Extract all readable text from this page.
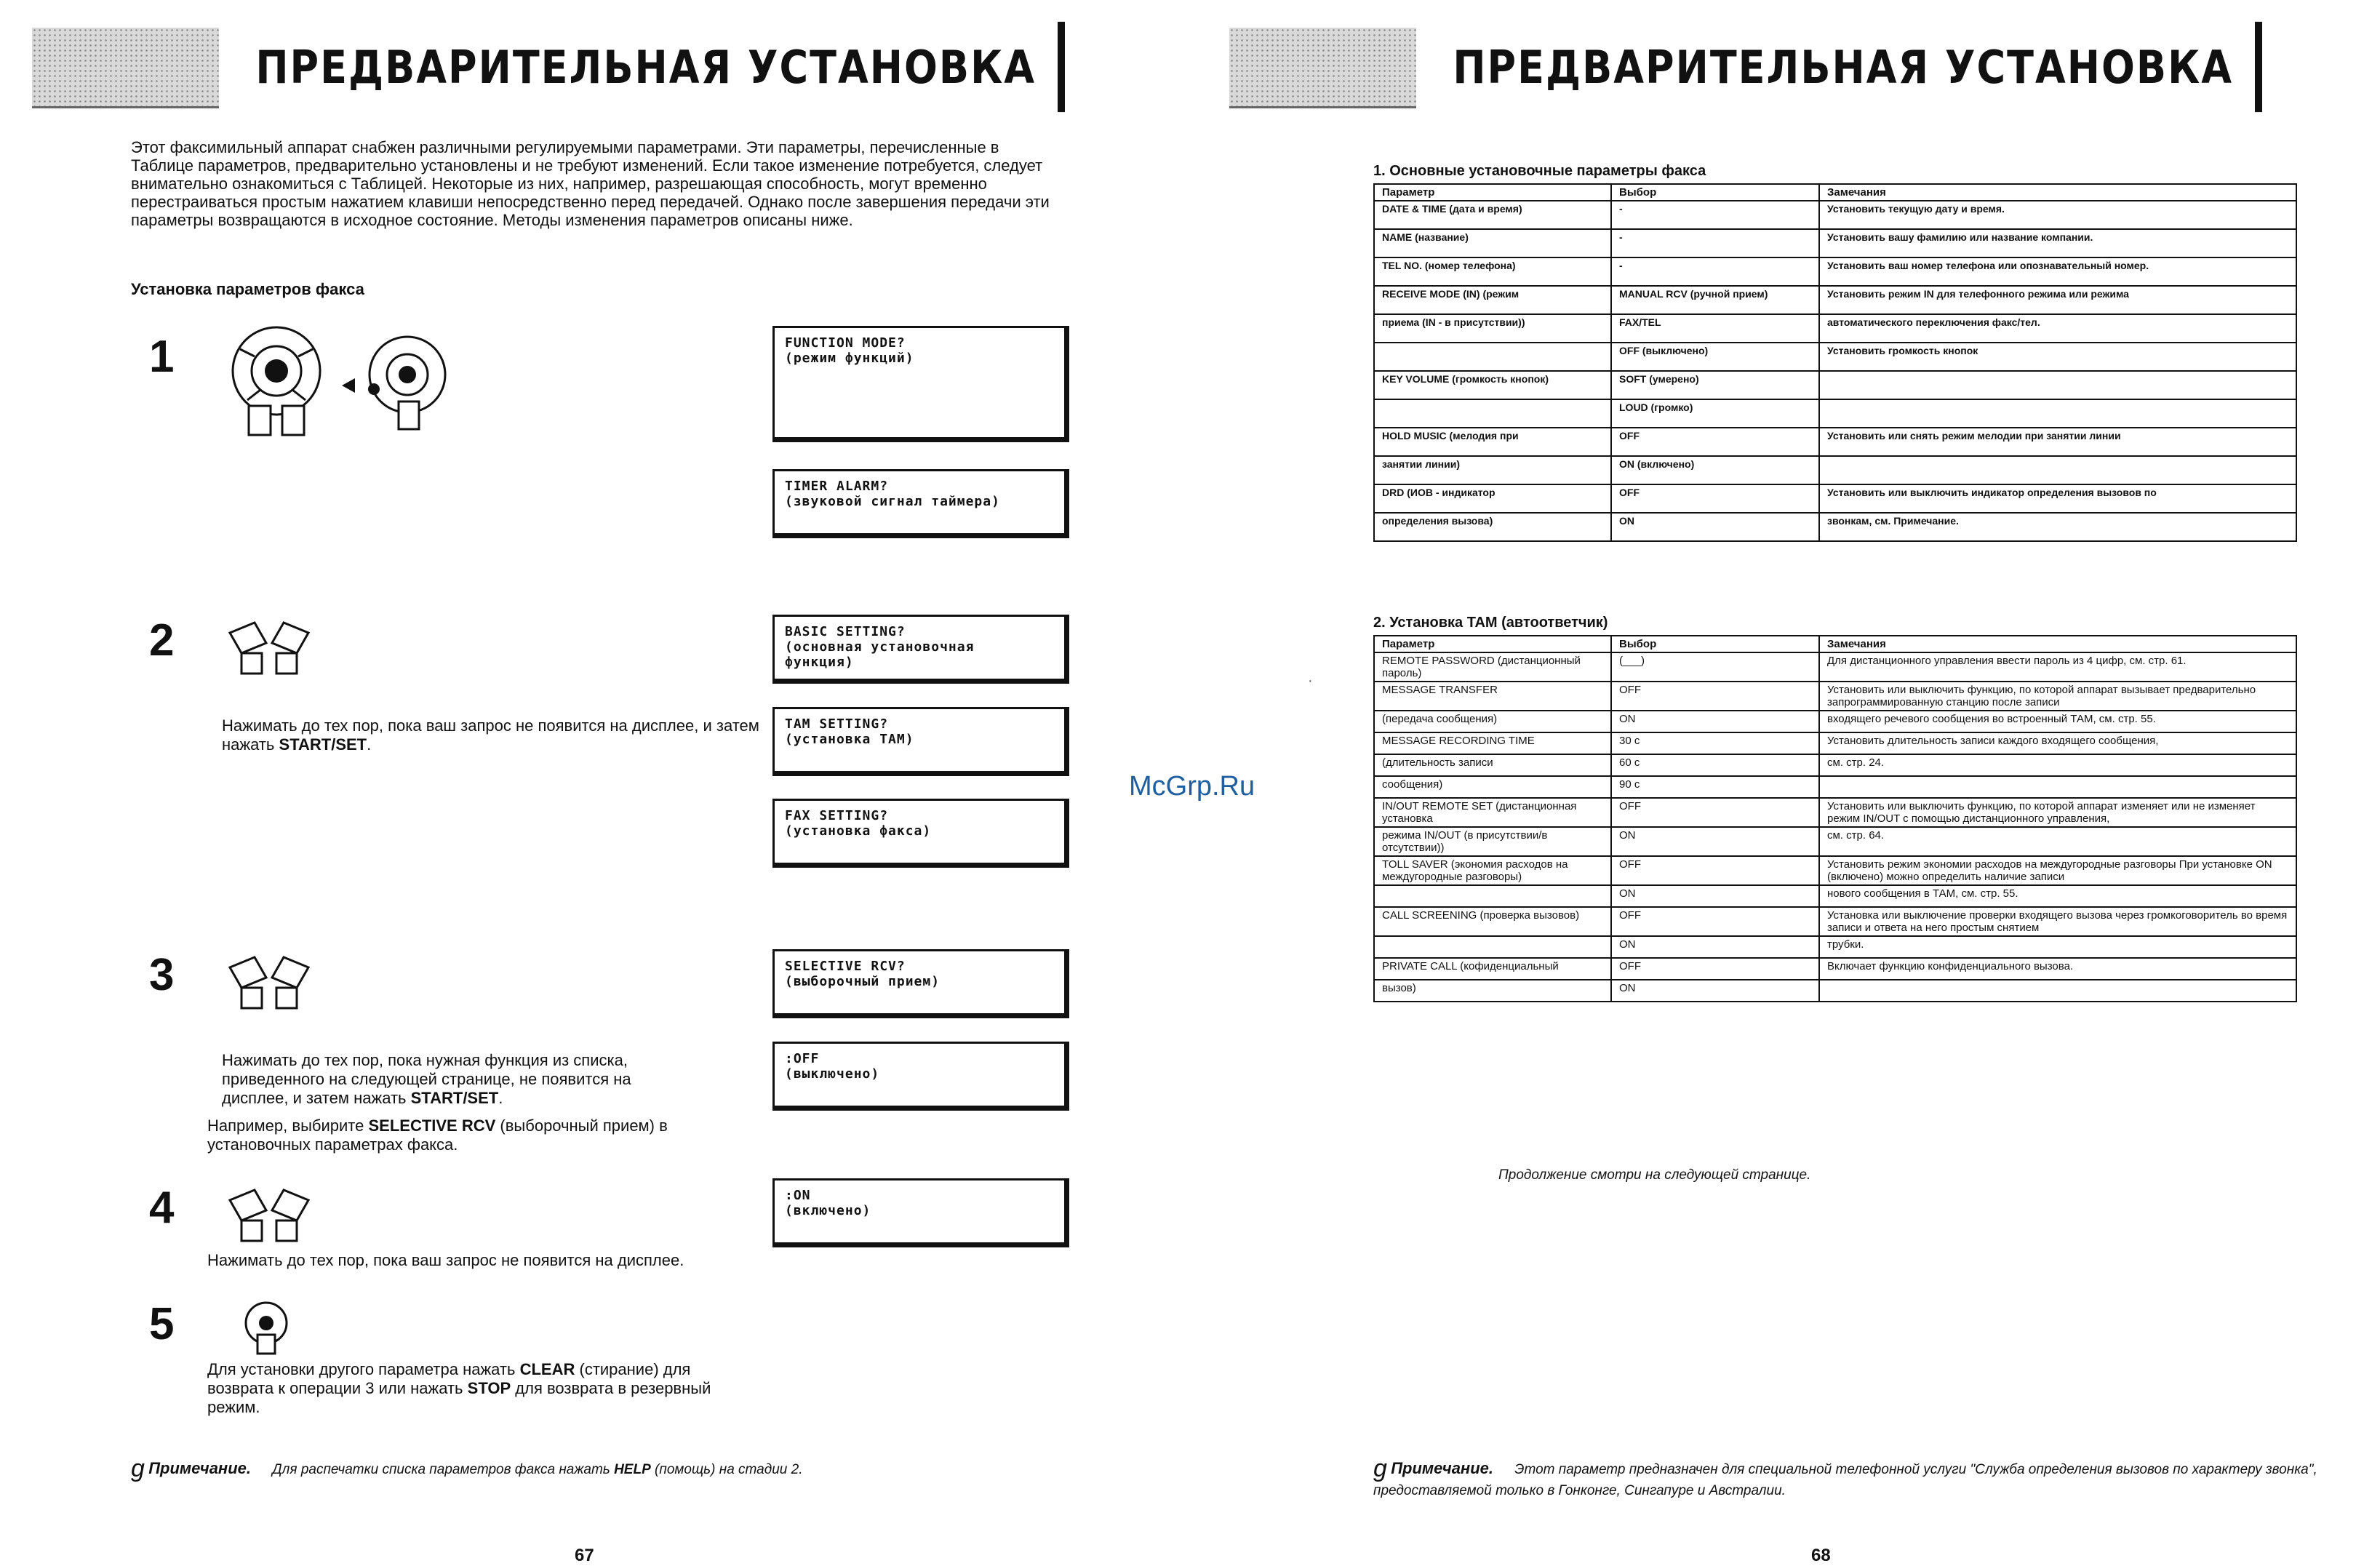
ПРЕДВАРИТЕЛЬНАЯ УСТАНОВКА
Этот факсимильный аппарат снабжен различными регулируемыми параметрами. Эти параметры, перечисленные в Таблице параметров, предварительно установлены и не требуют изменений. Если такое изменение потребуется, следует внимательно ознакомиться с Таблицей. Некоторые из них, например, разрешающая способность, могут временно перестраиваться простым нажатием клавиши непосредственно перед передачей. Однако после завершения передачи эти параметры возвращаются в исходное состояние. Методы изменения параметров описаны ниже.
Установка параметров факса
1
2
Нажимать до тех пор, пока ваш запрос не появится на дисплее, и затем нажать START/SET.
3
Нажимать до тех пор, пока нужная функция из списка, приведенного на следующей странице, не появится на дисплее, и затем нажать START/SET.
Например, выбирите SELECTIVE RCV (выборочный прием) в установочных параметрах факса.
4
Нажимать до тех пор, пока ваш запрос не появится на дисплее.
5
Для установки другого параметра нажать CLEAR (стирание) для возврата к операции 3 или нажать STOP для возврата в резервный режим.
FUNCTION MODE?
(режим функций)
TIMER ALARM?
(звуковой сигнал таймера)
BASIC SETTING?
(основная установочная
функция)
TAM SETTING?
(установка TAM)
FAX SETTING?
(установка факса)
SELECTIVE RCV?
(выборочный прием)
:OFF
(выключено)
:ON
(включено)
g Примечание. Для распечатки списка параметров факса нажать HELP (помощь) на стадии 2.
67
McGrp.Ru
·
ПРЕДВАРИТЕЛЬНАЯ УСТАНОВКА
1. Основные установочные параметры факса
Параметр	Выбор	Замечания
DATE & TIME (дата и время)	-	Установить текущую дату и время.
NAME (название)	-	Установить вашу фамилию или название компании.
TEL NO. (номер телефона)	-	Установить ваш номер телефона или опознавательный номер.
RECEIVE MODE (IN) (режим	MANUAL RCV (ручной прием)	Установить режим IN для телефонного режима или режима
приема (IN - в присутствии))	FAX/TEL	автоматического переключения факс/тел.
	OFF (выключено)	Установить громкость кнопок
KEY VOLUME (громкость кнопок)	SOFT (умерено)	
	LOUD (громко)	
HOLD MUSIC (мелодия при	OFF	Установить или снять режим мелодии при занятии линии
занятии линии)	ON (включено)	
DRD (ИОВ - индикатор	OFF	Установить или выключить индикатор определения вызовов по
определения вызова)	ON	звонкам, см. Примечание.
2. Установка TAM (автоответчик)
Параметр	Выбор	Замечания
REMOTE PASSWORD (дистанционный пароль)	(___)	Для дистанционного управления ввести пароль из 4 цифр, см. стр. 61.
MESSAGE TRANSFER	OFF	Установить или выключить функцию, по которой аппарат вызывает предварительно запрограммированную станцию после записи
(передача сообщения)	ON	входящего речевого сообщения во встроенный ТАМ, см. стр. 55.
MESSAGE RECORDING TIME	30 с	Установить длительность записи каждого входящего сообщения,
(длительность записи	60 с	см. стр. 24.
сообщения)	90 с	
IN/OUT REMOTE SET (дистанционная установка	OFF	Установить или выключить функцию, по которой аппарат изменяет или не изменяет режим IN/OUT с помощью дистанционного управления,
режима IN/OUT (в присутствии/в отсутствии))	ON	см. стр. 64.
TOLL SAVER (экономия расходов на междугородные разговоры)	OFF	Установить режим экономии расходов на междугородные разговоры При установке ON (включено) можно определить наличие записи
	ON	нового сообщения в ТАМ, см. стр. 55.
CALL SCREENING (проверка вызовов)	OFF	Установка или выключение проверки входящего вызова через громкоговоритель во время записи и ответа на него простым снятием
	ON	трубки.
PRIVATE CALL (кофиденциальный	OFF	Включает функцию конфиденциального вызова.
вызов)	ON	
Продолжение смотри на следующей странице.
g Примечание. Этот параметр предназначен для специальной телефонной услуги "Служба определения вызовов по характеру звонка", предоставляемой только в Гонконге, Сингапуре и Австралии.
68
